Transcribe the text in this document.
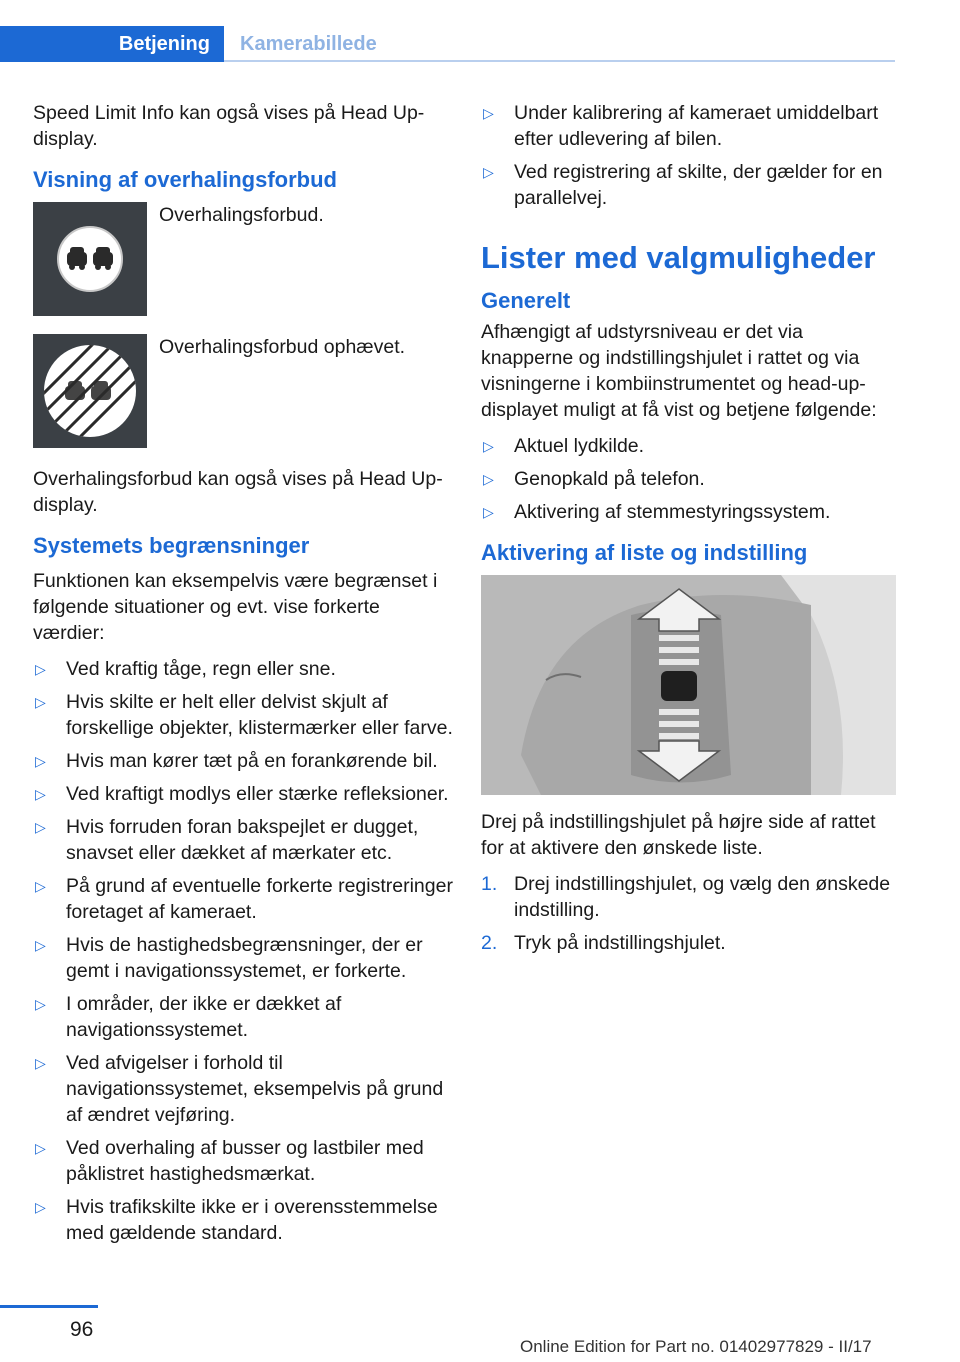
Betjening	Kamerabillede

Speed Limit Info kan også vises på Head Up-display.

Visning af overhalingsforbud
Overhalingsforbud.
Overhalingsforbud ophævet.

Overhalingsforbud kan også vises på Head Up-display.

Systemets begrænsninger

Funktionen kan eksempelvis være begrænset i følgende situationer og evt. vise forkerte værdier:

▷ Ved kraftig tåge, regn eller sne.
▷ Hvis skilte er helt eller delvist skjult af forskellige objekter, klistermærker eller farve.
▷ Hvis man kører tæt på en forankørende bil.
▷ Ved kraftigt modlys eller stærke refleksioner.
▷ Hvis forruden foran bakspejlet er dugget, snavset eller dækket af mærkater etc.
▷ På grund af eventuelle forkerte registreringer foretaget af kameraet.
▷ Hvis de hastighedsbegrænsninger, der er gemt i navigationssystemet, er forkerte.
▷ I områder, der ikke er dækket af navigationssystemet.
▷ Ved afvigelser i forhold til navigationssystemet, eksempelvis på grund af ændret vejføring.
▷ Ved overhaling af busser og lastbiler med påklistret hastighedsmærkat.
▷ Hvis trafikskilte ikke er i overensstemmelse med gældende standard.
▷ Under kalibrering af kameraet umiddelbart efter udlevering af bilen.
▷ Ved registrering af skilte, der gælder for en parallelvej.
Lister med valgmuligheder
Generelt

Afhængigt af udstyrsniveau er det via knapperne og indstillingshjulet i rattet og via visningerne i kombiinstrumentet og head-up-displayet muligt at få vist og betjene følgende:

▷ Aktuel lydkilde.
▷ Genopkald på telefon.
▷ Aktivering af stemmestyringssystem.
Aktivering af liste og indstilling

Drej på indstillingshjulet på højre side af rattet for at aktivere den ønskede liste.

1. Drej indstillingshjulet, og vælg den ønskede indstilling.
2. Tryk på indstillingshjulet.
96
Online Edition for Part no. 01402977829 - II/17
